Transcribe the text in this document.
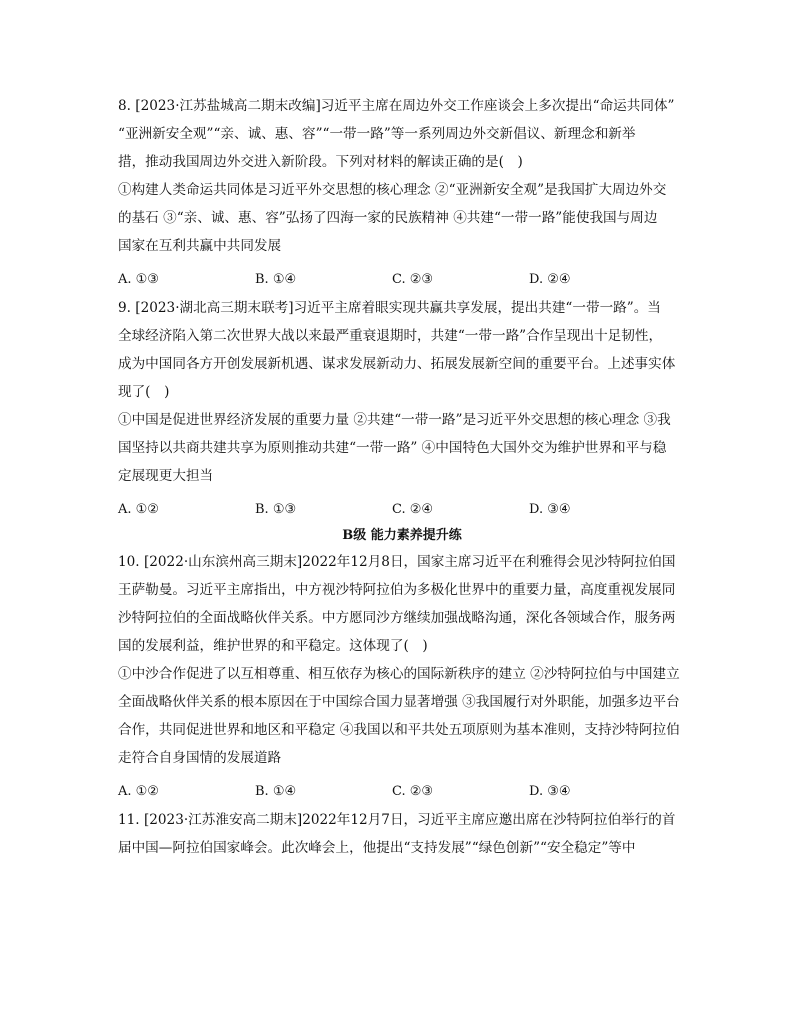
8. [2023·江苏盐城高二期末改编]习近平主席在周边外交工作座谈会上多次提出“命运共同体”
“亚洲新安全观”“亲、诚、惠、容”“一带一路”等一系列周边外交新倡议、新理念和新举
措，推动我国周边外交进入新阶段。下列对材料的解读正确的是(　)
①构建人类命运共同体是习近平外交思想的核心理念 ②“亚洲新安全观”是我国扩大周边外交
的基石 ③“亲、诚、惠、容”弘扬了四海一家的民族精神 ④共建“一带一路”能使我国与周边
国家在互利共赢中共同发展
A. ①③	B. ①④	C. ②③	D. ②④
9. [2023·湖北高三期末联考]习近平主席着眼实现共赢共享发展，提出共建“一带一路”。当
全球经济陷入第二次世界大战以来最严重衰退期时，共建“一带一路”合作呈现出十足韧性，
成为中国同各方开创发展新机遇、谋求发展新动力、拓展发展新空间的重要平台。上述事实体
现了(　)
①中国是促进世界经济发展的重要力量 ②共建“一带一路”是习近平外交思想的核心理念 ③我
国坚持以共商共建共享为原则推动共建“一带一路” ④中国特色大国外交为维护世界和平与稳
定展现更大担当
A. ①②	B. ①③	C. ②④	D. ③④
B级 能力素养提升练
10. [2022·山东滨州高三期末]2022年12月8日，国家主席习近平在利雅得会见沙特阿拉伯国
王萨勒曼。习近平主席指出，中方视沙特阿拉伯为多极化世界中的重要力量，高度重视发展同
沙特阿拉伯的全面战略伙伴关系。中方愿同沙方继续加强战略沟通，深化各领域合作，服务两
国的发展利益，维护世界的和平稳定。这体现了(　)
①中沙合作促进了以互相尊重、相互依存为核心的国际新秩序的建立 ②沙特阿拉伯与中国建立
全面战略伙伴关系的根本原因在于中国综合国力显著增强 ③我国履行对外职能，加强多边平台
合作，共同促进世界和地区和平稳定 ④我国以和平共处五项原则为基本准则，支持沙特阿拉伯
走符合自身国情的发展道路
A. ①②	B. ①④	C. ②③	D. ③④
11. [2023·江苏淮安高二期末]2022年12月7日，习近平主席应邀出席在沙特阿拉伯举行的首
届中国—阿拉伯国家峰会。此次峰会上，他提出“支持发展”“绿色创新”“安全稳定”等中
